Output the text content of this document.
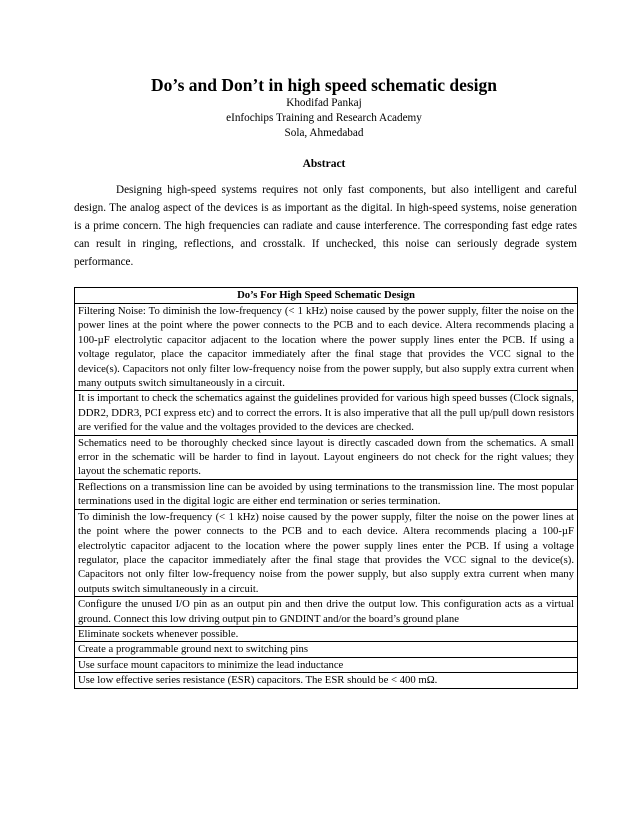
Do’s and Don’t in high speed schematic design
Khodifad Pankaj
eInfochips Training and Research Academy
Sola, Ahmedabad
Abstract

Designing high-speed systems requires not only fast components, but also intelligent and careful design. The analog aspect of the devices is as important as the digital. In high-speed systems, noise generation is a prime concern. The high frequencies can radiate and cause interference. The corresponding fast edge rates can result in ringing, reflections, and crosstalk. If unchecked, this noise can seriously degrade system performance.

Do’s For High Speed Schematic Design
Filtering Noise: To diminish the low-frequency (< 1 kHz) noise caused by the power supply, filter the noise on the power lines at the point where the power connects to the PCB and to each device. Altera recommends placing a 100-µF electrolytic capacitor adjacent to the location where the power supply lines enter the PCB. If using a voltage regulator, place the capacitor immediately after the final stage that provides the VCC signal to the device(s). Capacitors not only filter low-frequency noise from the power supply, but also supply extra current when many outputs switch simultaneously in a circuit.
It is important to check the schematics against the guidelines provided for various high speed busses (Clock signals, DDR2, DDR3, PCI express etc) and to correct the errors. It is also imperative that all the pull up/pull down resistors are verified for the value and the voltages provided to the devices are checked.
Schematics need to be thoroughly checked since layout is directly cascaded down from the schematics. A small error in the schematic will be harder to find in layout. Layout engineers do not check for the right values; they layout the schematic reports.
Reflections on a transmission line can be avoided by using terminations to the transmission line. The most popular terminations used in the digital logic are either end termination or series termination.
To diminish the low-frequency (< 1 kHz) noise caused by the power supply, filter the noise on the power lines at the point where the power connects to the PCB and to each device. Altera recommends placing a 100-µF electrolytic capacitor adjacent to the location where the power supply lines enter the PCB. If using a voltage regulator, place the capacitor immediately after the final stage that provides the VCC signal to the device(s). Capacitors not only filter low-frequency noise from the power supply, but also supply extra current when many outputs switch simultaneously in a circuit.
Configure the unused I/O pin as an output pin and then drive the output low. This configuration acts as a virtual ground. Connect this low driving output pin to GNDINT and/or the board’s ground plane
Eliminate sockets whenever possible.
Create a programmable ground next to switching pins
Use surface mount capacitors to minimize the lead inductance
Use low effective series resistance (ESR) capacitors. The ESR should be < 400 mΩ.
